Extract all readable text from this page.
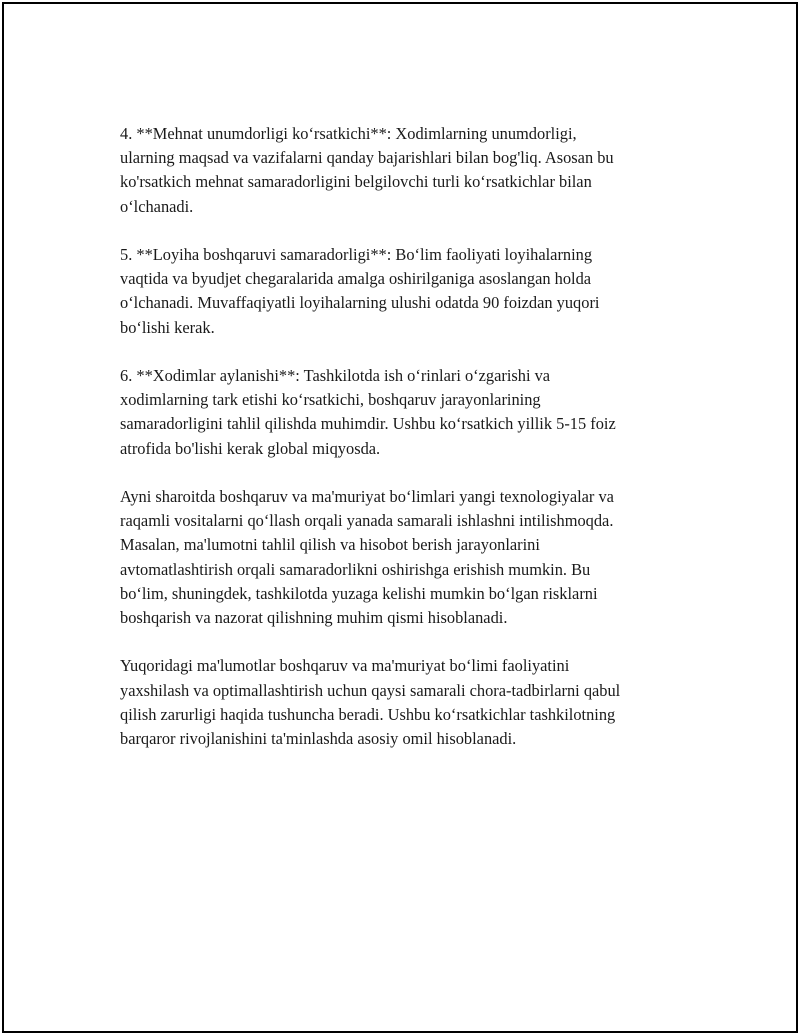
4. **Mehnat unumdorligi ko‘rsatkichi**: Xodimlarning unumdorligi,
ularning maqsad va vazifalarni qanday bajarishlari bilan bog'liq. Asosan bu
ko'rsatkich mehnat samaradorligini belgilovchi turli ko‘rsatkichlar bilan
o‘lchanadi.

5. **Loyiha boshqaruvi samaradorligi**: Bo‘lim faoliyati loyihalarning
vaqtida va byudjet chegaralarida amalga oshirilganiga asoslangan holda
o‘lchanadi. Muvaffaqiyatli loyihalarning ulushi odatda 90 foizdan yuqori
bo‘lishi kerak.

6. **Xodimlar aylanishi**: Tashkilotda ish o‘rinlari o‘zgarishi va
xodimlarning tark etishi ko‘rsatkichi, boshqaruv jarayonlarining
samaradorligini tahlil qilishda muhimdir. Ushbu ko‘rsatkich yillik 5-15 foiz
atrofida bo'lishi kerak global miqyosda.

Ayni sharoitda boshqaruv va ma'muriyat bo‘limlari yangi texnologiyalar va
raqamli vositalarni qo‘llash orqali yanada samarali ishlashni intilishmoqda.
Masalan, ma'lumotni tahlil qilish va hisobot berish jarayonlarini
avtomatlashtirish orqali samaradorlikni oshirishga erishish mumkin. Bu
bo‘lim, shuningdek, tashkilotda yuzaga kelishi mumkin bo‘lgan risklarni
boshqarish va nazorat qilishning muhim qismi hisoblanadi.

Yuqoridagi ma'lumotlar boshqaruv va ma'muriyat bo‘limi faoliyatini
yaxshilash va optimallashtirish uchun qaysi samarali chora-tadbirlarni qabul
qilish zarurligi haqida tushuncha beradi. Ushbu ko‘rsatkichlar tashkilotning
barqaror rivojlanishini ta'minlashda asosiy omil hisoblanadi.
